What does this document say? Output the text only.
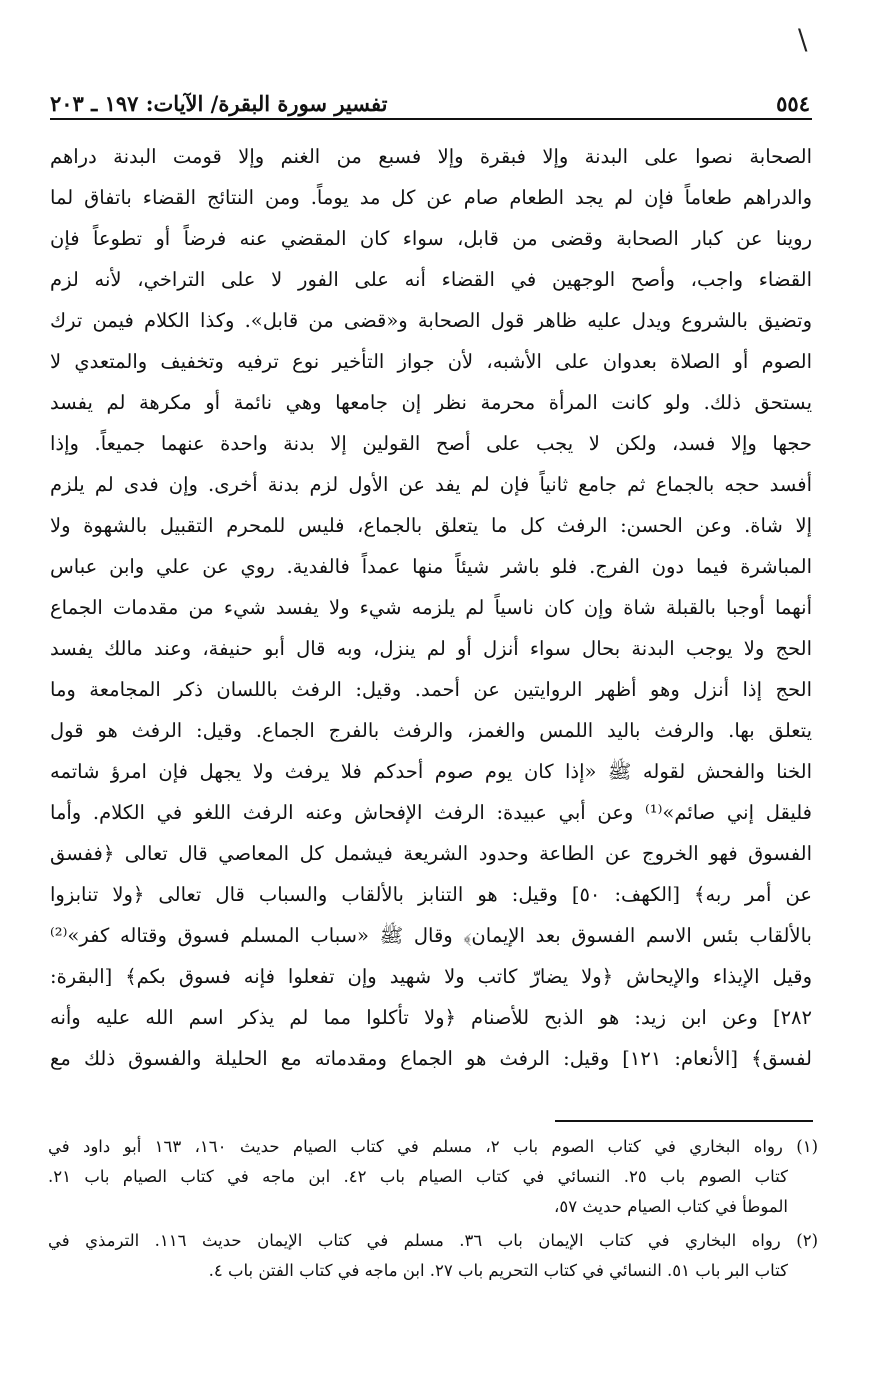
\
٥٥٤
تفسير سورة البقرة/ الآيات: ١٩٧ ـ ٢٠٣
الصحابة نصوا على البدنة وإلا فبقرة وإلا فسبع من الغنم وإلا قومت البدنة دراهم
والدراهم طعاماً فإن لم يجد الطعام صام عن كل مد يوماً. ومن النتائج القضاء باتفاق لما
روينا عن كبار الصحابة وقضى من قابل، سواء كان المقضي عنه فرضاً أو تطوعاً فإن
القضاء واجب، وأصح الوجهين في القضاء أنه على الفور لا على التراخي، لأنه لزم
وتضيق بالشروع ويدل عليه ظاهر قول الصحابة و«قضى من قابل». وكذا الكلام فيمن ترك
الصوم أو الصلاة بعدوان على الأشبه، لأن جواز التأخير نوع ترفيه وتخفيف والمتعدي لا
يستحق ذلك. ولو كانت المرأة محرمة نظر إن جامعها وهي نائمة أو مكرهة لم يفسد
حجها وإلا فسد، ولكن لا يجب على أصح القولين إلا بدنة واحدة عنهما جميعاً. وإذا
أفسد حجه بالجماع ثم جامع ثانياً فإن لم يفد عن الأول لزم بدنة أخرى. وإن فدى لم يلزم
إلا شاة. وعن الحسن: الرفث كل ما يتعلق بالجماع، فليس للمحرم التقبيل بالشهوة ولا
المباشرة فيما دون الفرج. فلو باشر شيئاً منها عمداً فالفدية. روي عن علي وابن عباس
أنهما أوجبا بالقبلة شاة وإن كان ناسياً لم يلزمه شيء ولا يفسد شيء من مقدمات الجماع
الحج ولا يوجب البدنة بحال سواء أنزل أو لم ينزل، وبه قال أبو حنيفة، وعند مالك يفسد
الحج إذا أنزل وهو أظهر الروايتين عن أحمد. وقيل: الرفث باللسان ذكر المجامعة وما
يتعلق بها. والرفث باليد اللمس والغمز، والرفث بالفرج الجماع. وقيل: الرفث هو قول
الخنا والفحش لقوله ﷺ «إذا كان يوم صوم أحدكم فلا يرفث ولا يجهل فإن امرؤ شاتمه
فليقل إني صائم»⁽¹⁾ وعن أبي عبيدة: الرفث الإفحاش وعنه الرفث اللغو في الكلام. وأما
الفسوق فهو الخروج عن الطاعة وحدود الشريعة فيشمل كل المعاصي قال تعالى ﴿ففسق
عن أمر ربه﴾ [الكهف: ٥٠] وقيل: هو التنابز بالألقاب والسباب قال تعالى ﴿ولا تنابزوا
بالألقاب بئس الاسم الفسوق بعد الإيمان﴾ وقال ﷺ «سباب المسلم فسوق وقتاله كفر»⁽²⁾
وقيل الإيذاء والإيحاش ﴿ولا يضارّ كاتب ولا شهيد وإن تفعلوا فإنه فسوق بكم﴾ [البقرة:
٢٨٢] وعن ابن زيد: هو الذبح للأصنام ﴿ولا تأكلوا مما لم يذكر اسم الله عليه وأنه
لفسق﴾ [الأنعام: ١٢١] وقيل: الرفث هو الجماع ومقدماته مع الحليلة والفسوق ذلك مع
(١) رواه البخاري في كتاب الصوم باب ٢، مسلم في كتاب الصيام حديث ١٦٠، ١٦٣ أبو داود في
كتاب الصوم باب ٢٥. النسائي في كتاب الصيام باب ٤٢. ابن ماجه في كتاب الصيام باب ٢١.
الموطأ في كتاب الصيام حديث ٥٧،
(٢) رواه البخاري في كتاب الإيمان باب ٣٦. مسلم في كتاب الإيمان حديث ١١٦. الترمذي في
كتاب البر باب ٥١. النسائي في كتاب التحريم باب ٢٧. ابن ماجه في كتاب الفتن باب ٤.
